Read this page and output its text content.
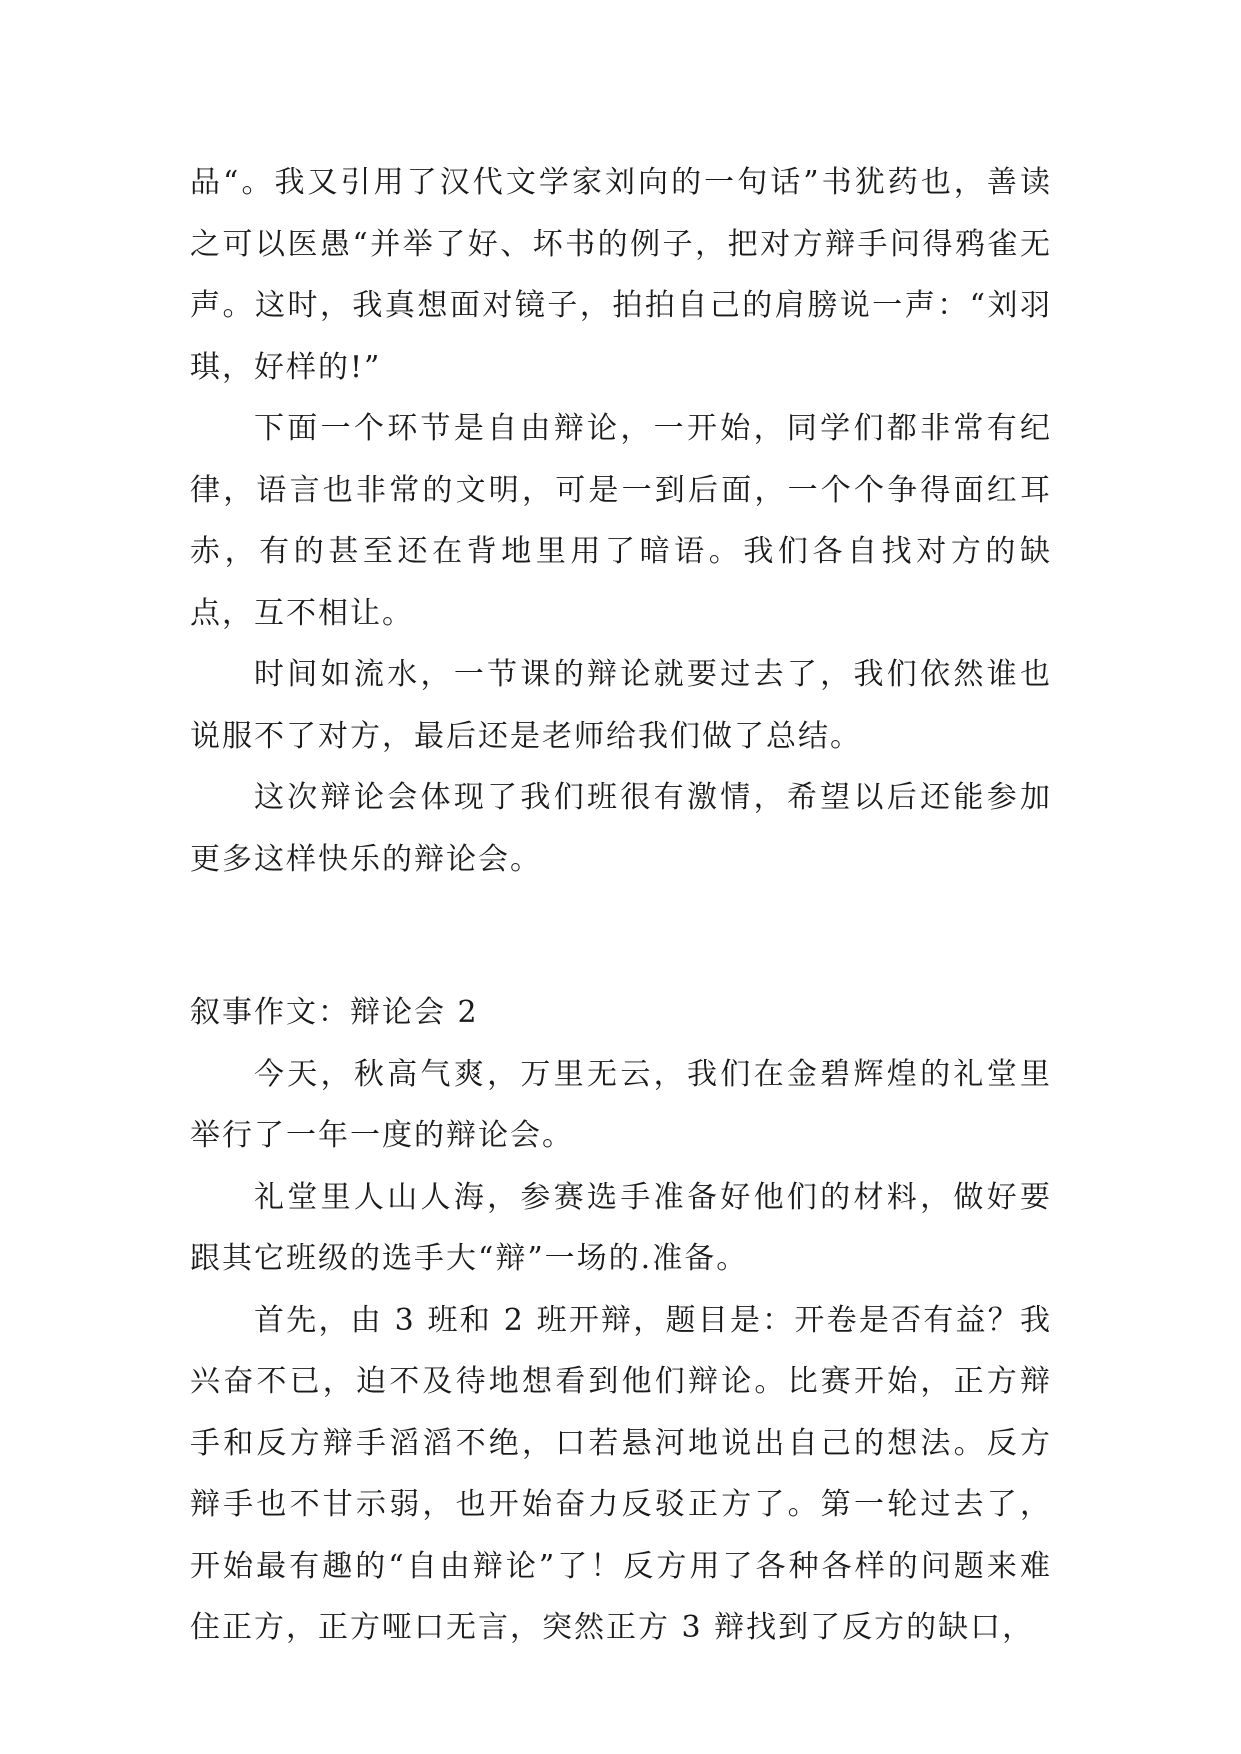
品“。我又引用了汉代文学家刘向的一句话”书犹药也，善读之可以医愚“并举了好、坏书的例子，把对方辩手问得鸦雀无声。这时，我真想面对镜子，拍拍自己的肩膀说一声：“刘羽琪，好样的!”

下面一个环节是自由辩论，一开始，同学们都非常有纪律，语言也非常的文明，可是一到后面，一个个争得面红耳赤，有的甚至还在背地里用了暗语。我们各自找对方的缺点，互不相让。

时间如流水，一节课的辩论就要过去了，我们依然谁也说服不了对方，最后还是老师给我们做了总结。

这次辩论会体现了我们班很有激情，希望以后还能参加更多这样快乐的辩论会。

叙事作文：辩论会 2

今天，秋高气爽，万里无云，我们在金碧辉煌的礼堂里举行了一年一度的辩论会。

礼堂里人山人海，参赛选手准备好他们的材料，做好要跟其它班级的选手大“辩”一场的.准备。

首先，由 3 班和 2 班开辩，题目是：开卷是否有益？我兴奋不已，迫不及待地想看到他们辩论。比赛开始，正方辩手和反方辩手滔滔不绝，口若悬河地说出自己的想法。反方辩手也不甘示弱，也开始奋力反驳正方了。第一轮过去了，开始最有趣的“自由辩论”了！反方用了各种各样的问题来难住正方，正方哑口无言，突然正方 3 辩找到了反方的缺口，
